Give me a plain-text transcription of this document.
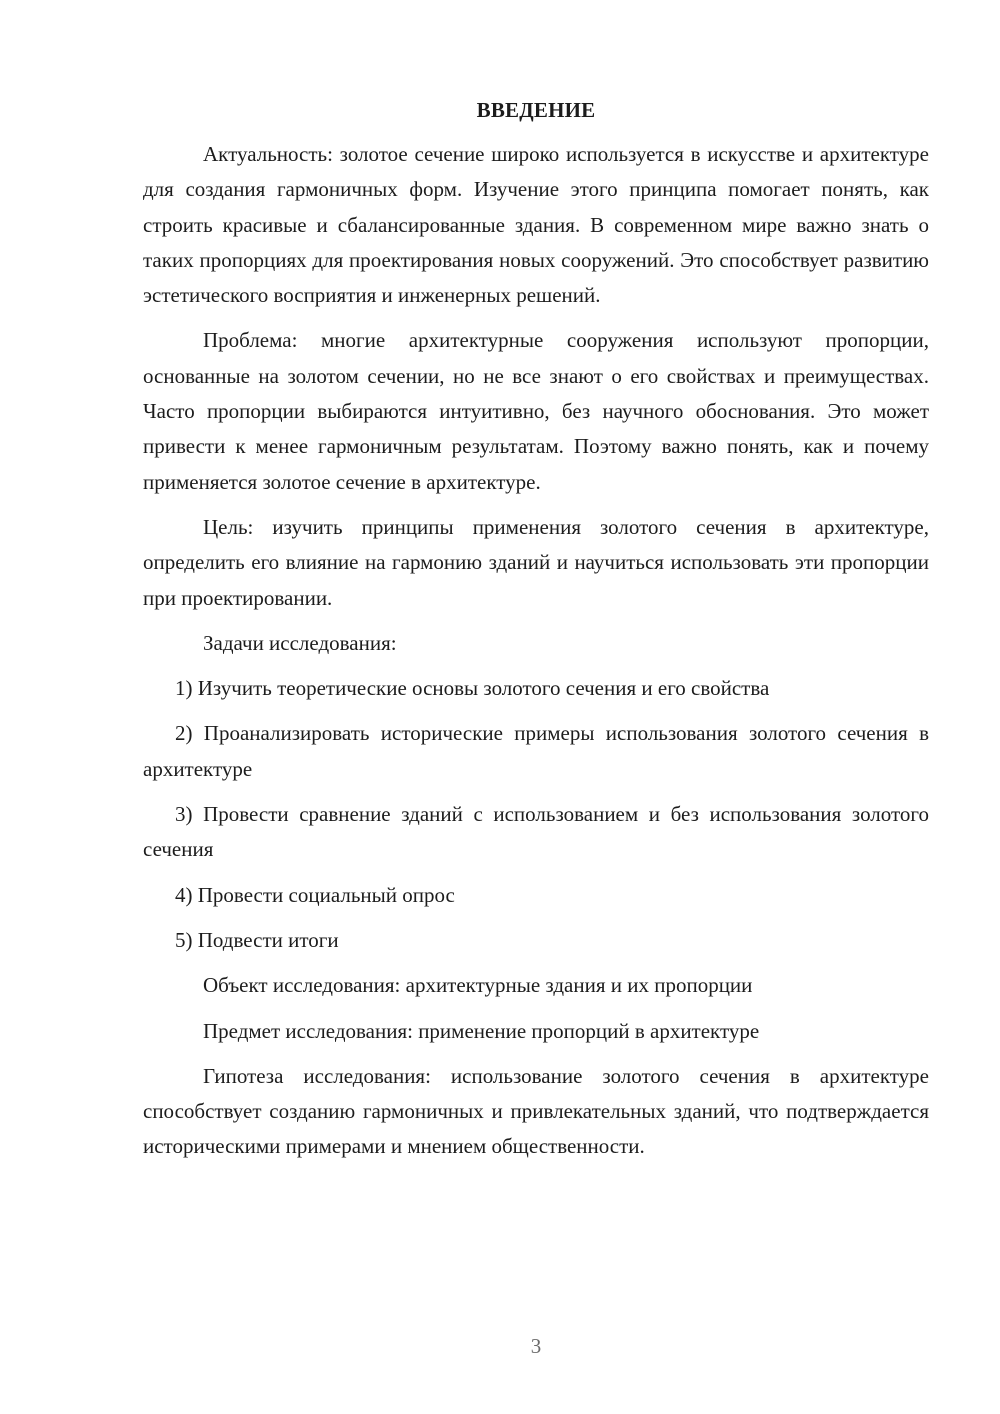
ВВЕДЕНИЕ

Актуальность: золотое сечение широко используется в искусстве и архитектуре для создания гармоничных форм. Изучение этого принципа помогает понять, как строить красивые и сбалансированные здания. В современном мире важно знать о таких пропорциях для проектирования новых сооружений. Это способствует развитию эстетического восприятия и инженерных решений.

Проблема: многие архитектурные сооружения используют пропорции, основанные на золотом сечении, но не все знают о его свойствах и преимуществах. Часто пропорции выбираются интуитивно, без научного обоснования. Это может привести к менее гармоничным результатам. Поэтому важно понять, как и почему применяется золотое сечение в архитектуре.

Цель: изучить принципы применения золотого сечения в архитектуре, определить его влияние на гармонию зданий и научиться использовать эти пропорции при проектировании.

Задачи исследования:

1) Изучить теоретические основы золотого сечения и его свойства

2) Проанализировать исторические примеры использования золотого сечения в архитектуре

3) Провести сравнение зданий с использованием и без использования золотого сечения

4) Провести социальный опрос

5) Подвести итоги

Объект исследования: архитектурные здания и их пропорции

Предмет исследования: применение пропорций в архитектуре

Гипотеза исследования: использование золотого сечения в архитектуре способствует созданию гармоничных и привлекательных зданий, что подтверждается историческими примерами и мнением общественности.

3
